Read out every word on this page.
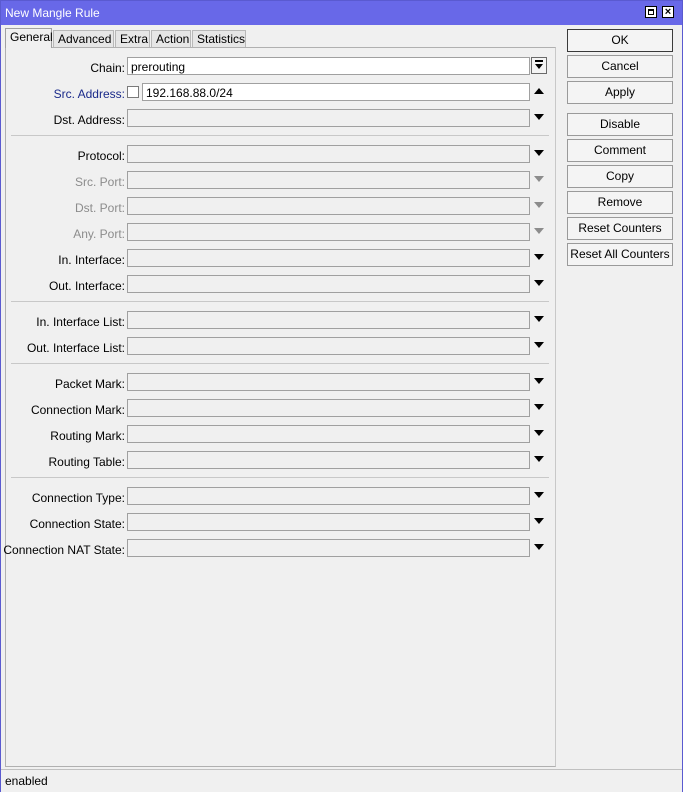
New Mangle Rule	×
General Advanced Extra Action Statistics
Chain: prerouting
Src. Address: 192.168.88.0/24
Dst. Address:
Protocol:
Src. Port:
Dst. Port:
Any. Port:
In. Interface:
Out. Interface:
In. Interface List:
Out. Interface List:
Packet Mark:
Connection Mark:
Routing Mark:
Routing Table:
Connection Type:
Connection State:
Connection NAT State:
OK
Cancel
Apply
Disable
Comment
Copy
Remove
Reset Counters
Reset All Counters
enabled
